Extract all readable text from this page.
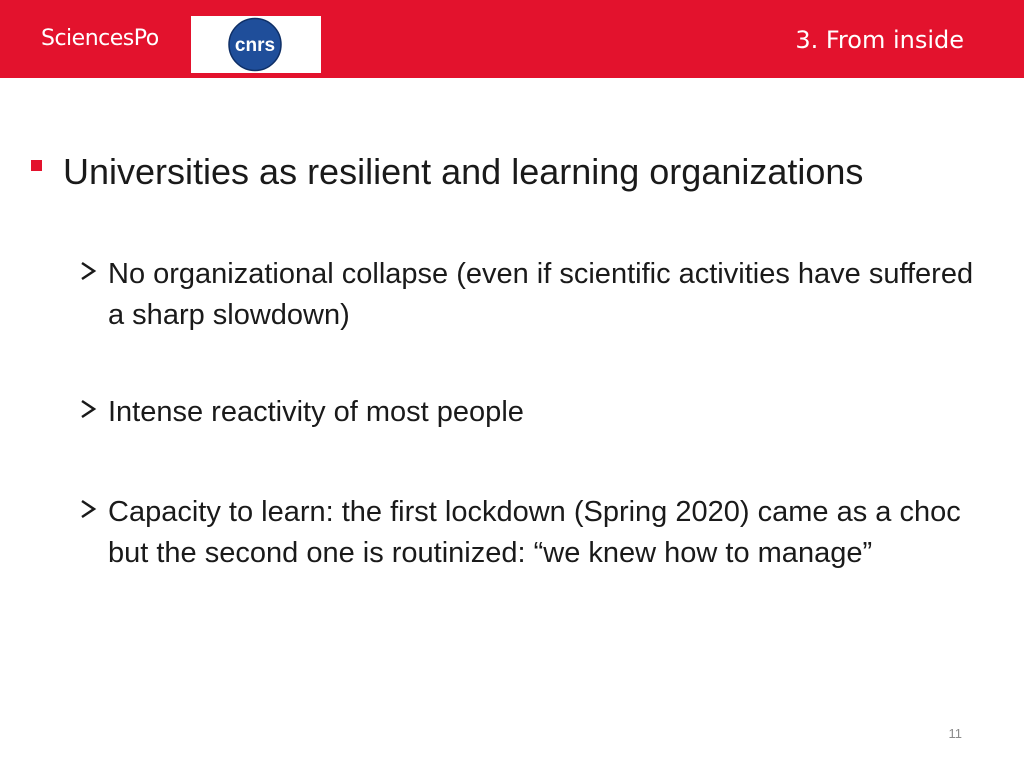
SciencesPo	cnrs	3. From inside
Universities as resilient and learning organizations
No organizational collapse (even if scientific activities have suffered a sharp slowdown)
Intense reactivity of most people
Capacity to learn: the first lockdown (Spring 2020) came as a choc but the second one is routinized: “we knew how to manage”
11
